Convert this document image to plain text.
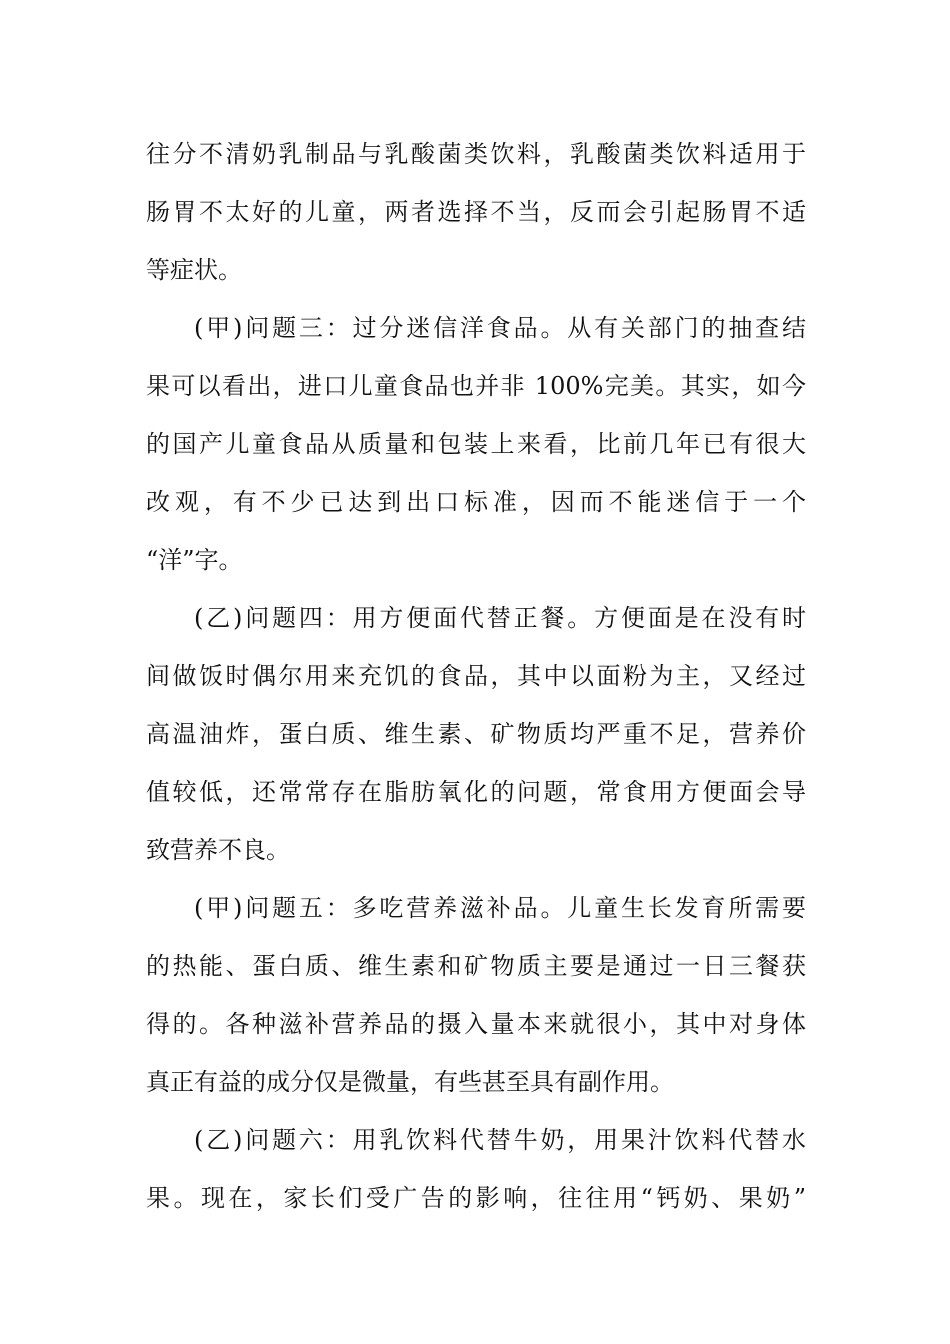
往分不清奶乳制品与乳酸菌类饮料，乳酸菌类饮料适用于
肠胃不太好的儿童，两者选择不当，反而会引起肠胃不适
等症状。
(甲)问题三：过分迷信洋食品。从有关部门的抽查结
果可以看出，进口儿童食品也并非 100%完美。其实，如今
的国产儿童食品从质量和包装上来看，比前几年已有很大
改观，有不少已达到出口标准，因而不能迷信于一个
“洋”字。
(乙)问题四：用方便面代替正餐。方便面是在没有时
间做饭时偶尔用来充饥的食品，其中以面粉为主，又经过
高温油炸，蛋白质、维生素、矿物质均严重不足，营养价
值较低，还常常存在脂肪氧化的问题，常食用方便面会导
致营养不良。
(甲)问题五：多吃营养滋补品。儿童生长发育所需要
的热能、蛋白质、维生素和矿物质主要是通过一日三餐获
得的。各种滋补营养品的摄入量本来就很小，其中对身体
真正有益的成分仅是微量，有些甚至具有副作用。
(乙)问题六：用乳饮料代替牛奶，用果汁饮料代替水
果。现在，家长们受广告的影响，往往用“钙奶、果奶”
